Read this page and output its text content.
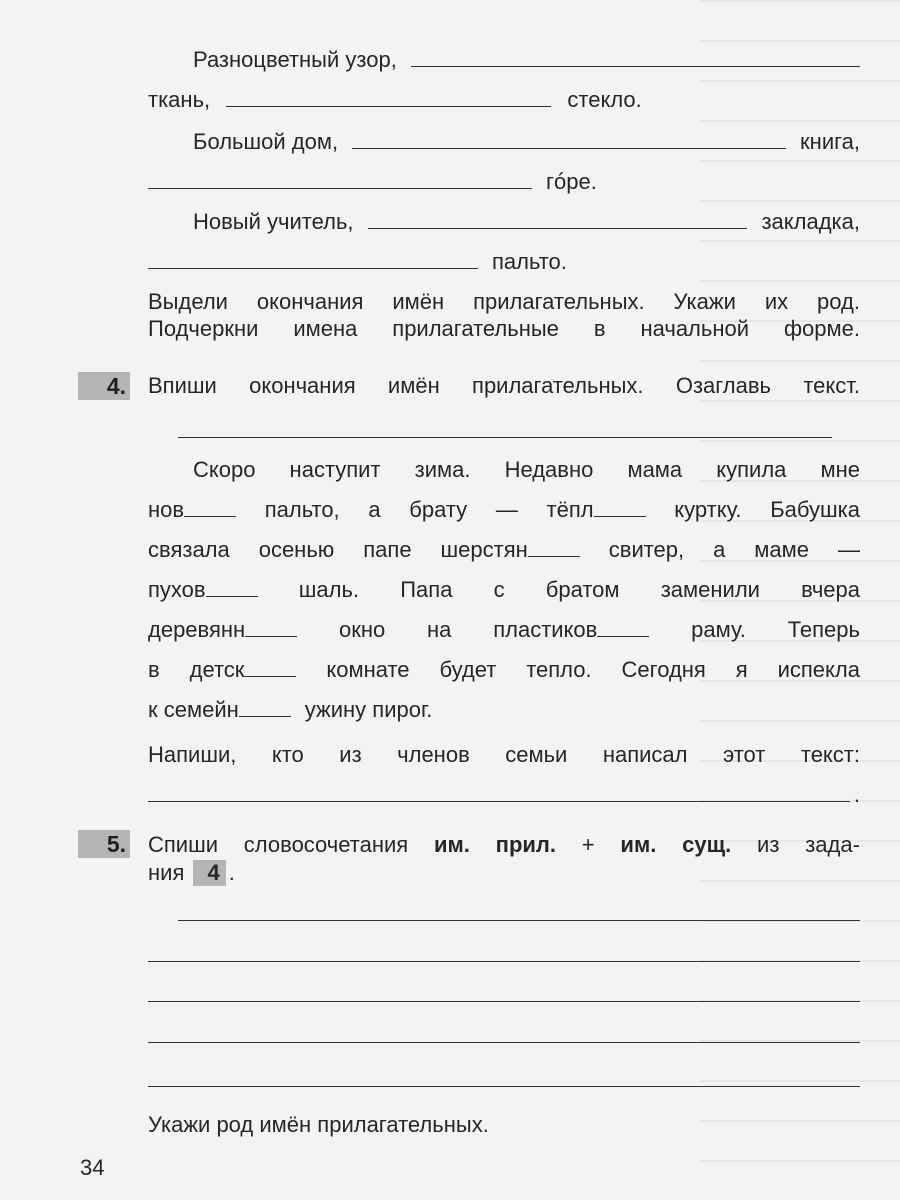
Разноцветный узор,
ткань,	стекло.
Большой дом,	книга,
гóре.
Новый учитель,	закладка,
пальто.
Выдели окончания имён прилагательных. Укажи их род.
Подчеркни имена прилагательные в начальной форме.
4. Впиши окончания имён прилагательных. Озаглавь текст.
Скоро наступит зима. Недавно мама купила мне
нов	пальто, а брату — тёпл	куртку. Бабушка
связала осенью папе шерстян	свитер, а маме —
пухов	шаль. Папа с братом заменили вчера
деревянн	окно на пластиков	раму. Теперь
в детск	комнате будет тепло. Сегодня я испекла
к семейн	ужину пирог.
Напиши, кто из членов семьи написал этот текст:
.
5. Спиши словосочетания им. прил. + им. сущ. из зада-
ния 4 .
Укажи род имён прилагательных.
34
